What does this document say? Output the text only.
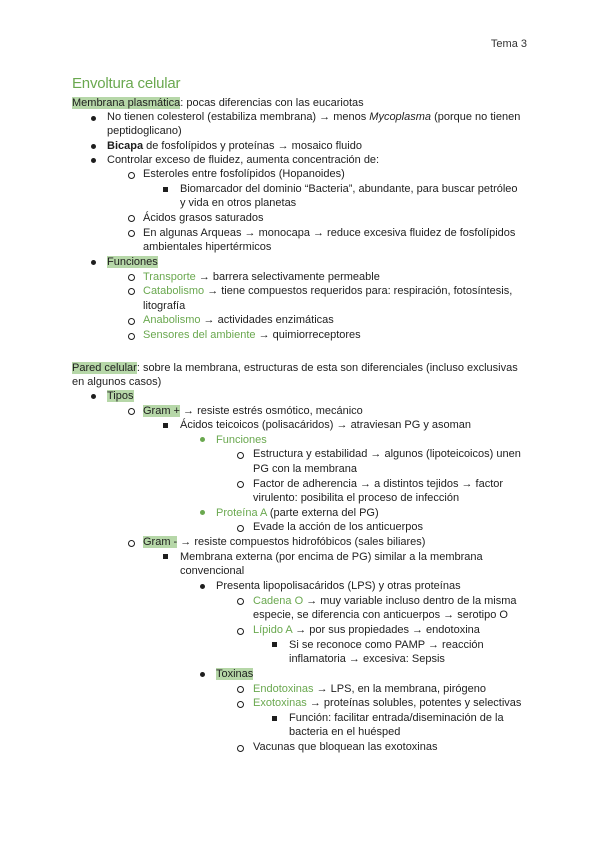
Tema 3
Envoltura celular
Membrana plasmática: pocas diferencias con las eucariotas
No tienen colesterol (estabiliza membrana) → menos Mycoplasma (porque no tienen
peptidoglicano)
Bicapa de fosfolípidos y proteínas → mosaico fluido
Controlar exceso de fluidez, aumenta concentración de:
Esteroles entre fosfolípidos (Hopanoides)
Biomarcador del dominio “Bacteria”, abundante, para buscar petróleo
y vida en otros planetas
Ácidos grasos saturados
En algunas Arqueas → monocapa → reduce excesiva fluidez de fosfolípidos
ambientales hipertérmicos
Funciones
Transporte → barrera selectivamente permeable
Catabolismo → tiene compuestos requeridos para: respiración, fotosíntesis,
litografía
Anabolismo → actividades enzimáticas
Sensores del ambiente → quimiorreceptores
Pared celular: sobre la membrana, estructuras de esta son diferenciales (incluso exclusivas
en algunos casos)
Tipos
Gram + → resiste estrés osmótico, mecánico
Ácidos teicoicos (polisacáridos) → atraviesan PG y asoman
Funciones
Estructura y estabilidad → algunos (lipoteicoicos) unen
PG con la membrana
Factor de adherencia → a distintos tejidos → factor
virulento: posibilita el proceso de infección
Proteína A (parte externa del PG)
Evade la acción de los anticuerpos
Gram - → resiste compuestos hidrofóbicos (sales biliares)
Membrana externa (por encima de PG) similar a la membrana
convencional
Presenta lipopolisacáridos (LPS) y otras proteínas
Cadena O → muy variable incluso dentro de la misma
especie, se diferencia con anticuerpos → serotipo O
Lípido A → por sus propiedades → endotoxina
Si se reconoce como PAMP → reacción
inflamatoria → excesiva: Sepsis
Toxinas
Endotoxinas → LPS, en la membrana, pirógeno
Exotoxinas → proteínas solubles, potentes y selectivas
Función: facilitar entrada/diseminación de la
bacteria en el huésped
Vacunas que bloquean las exotoxinas
